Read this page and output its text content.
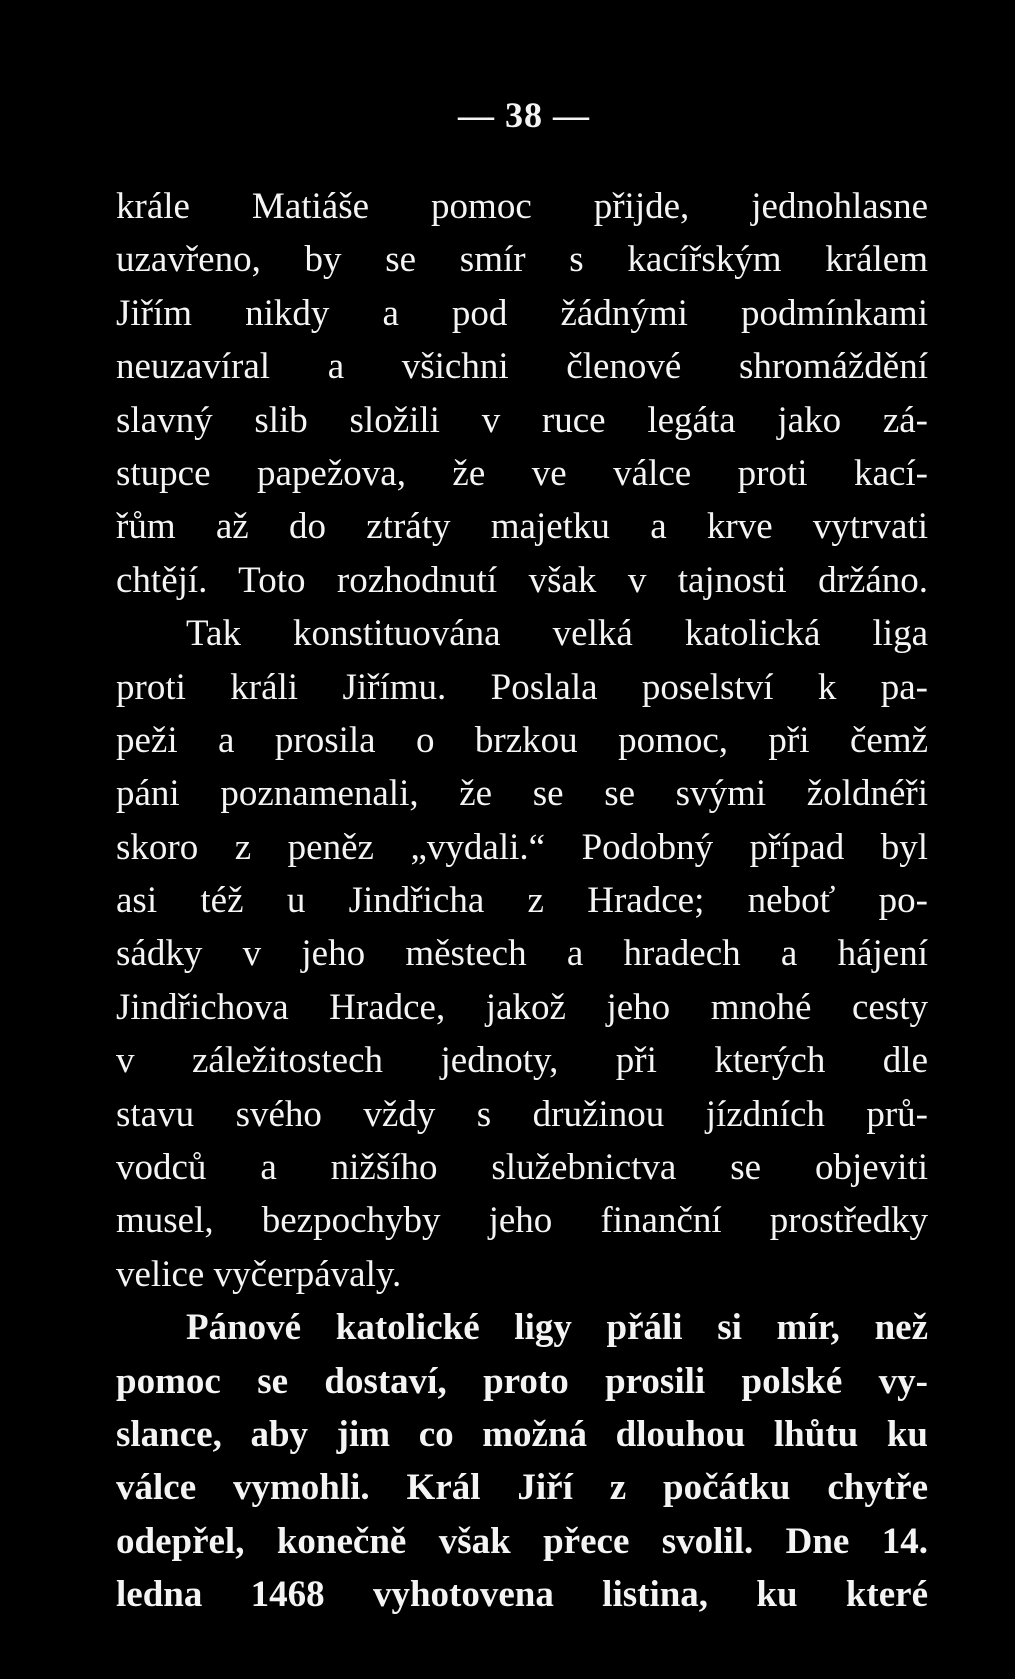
— 38 —
krále Matiáše pomoc přijde, jednohlasne
uzavřeno, by se smír s kacířským králem
Jiřím nikdy a pod žádnými podmínkami
neuzavíral a všichni členové shromáždění
slavný slib složili v ruce legáta jako zá-
stupce papežova, že ve válce proti kací-
řům až do ztráty majetku a krve vytrvati
chtějí. Toto rozhodnutí však v tajnosti držáno.
Tak konstituována velká katolická liga
proti králi Jiřímu. Poslala poselství k pa-
peži a prosila o brzkou pomoc, při čemž
páni poznamenali, že se se svými žoldnéři
skoro z peněz „vydali.“ Podobný případ byl
asi též u Jindřicha z Hradce; neboť po-
sádky v jeho městech a hradech a hájení
Jindřichova Hradce, jakož jeho mnohé cesty
v záležitostech jednoty, při kterých dle
stavu svého vždy s družinou jízdních prů-
vodců a nižšího služebnictva se objeviti
musel, bezpochyby jeho finanční prostředky
velice vyčerpávaly.
Pánové katolické ligy přáli si mír, než
pomoc se dostaví, proto prosili polské vy-
slance, aby jim co možná dlouhou lhůtu ku
válce vymohli. Král Jiří z počátku chytře
odepřel, konečně však přece svolil. Dne 14.
ledna 1468 vyhotovena listina, ku které
